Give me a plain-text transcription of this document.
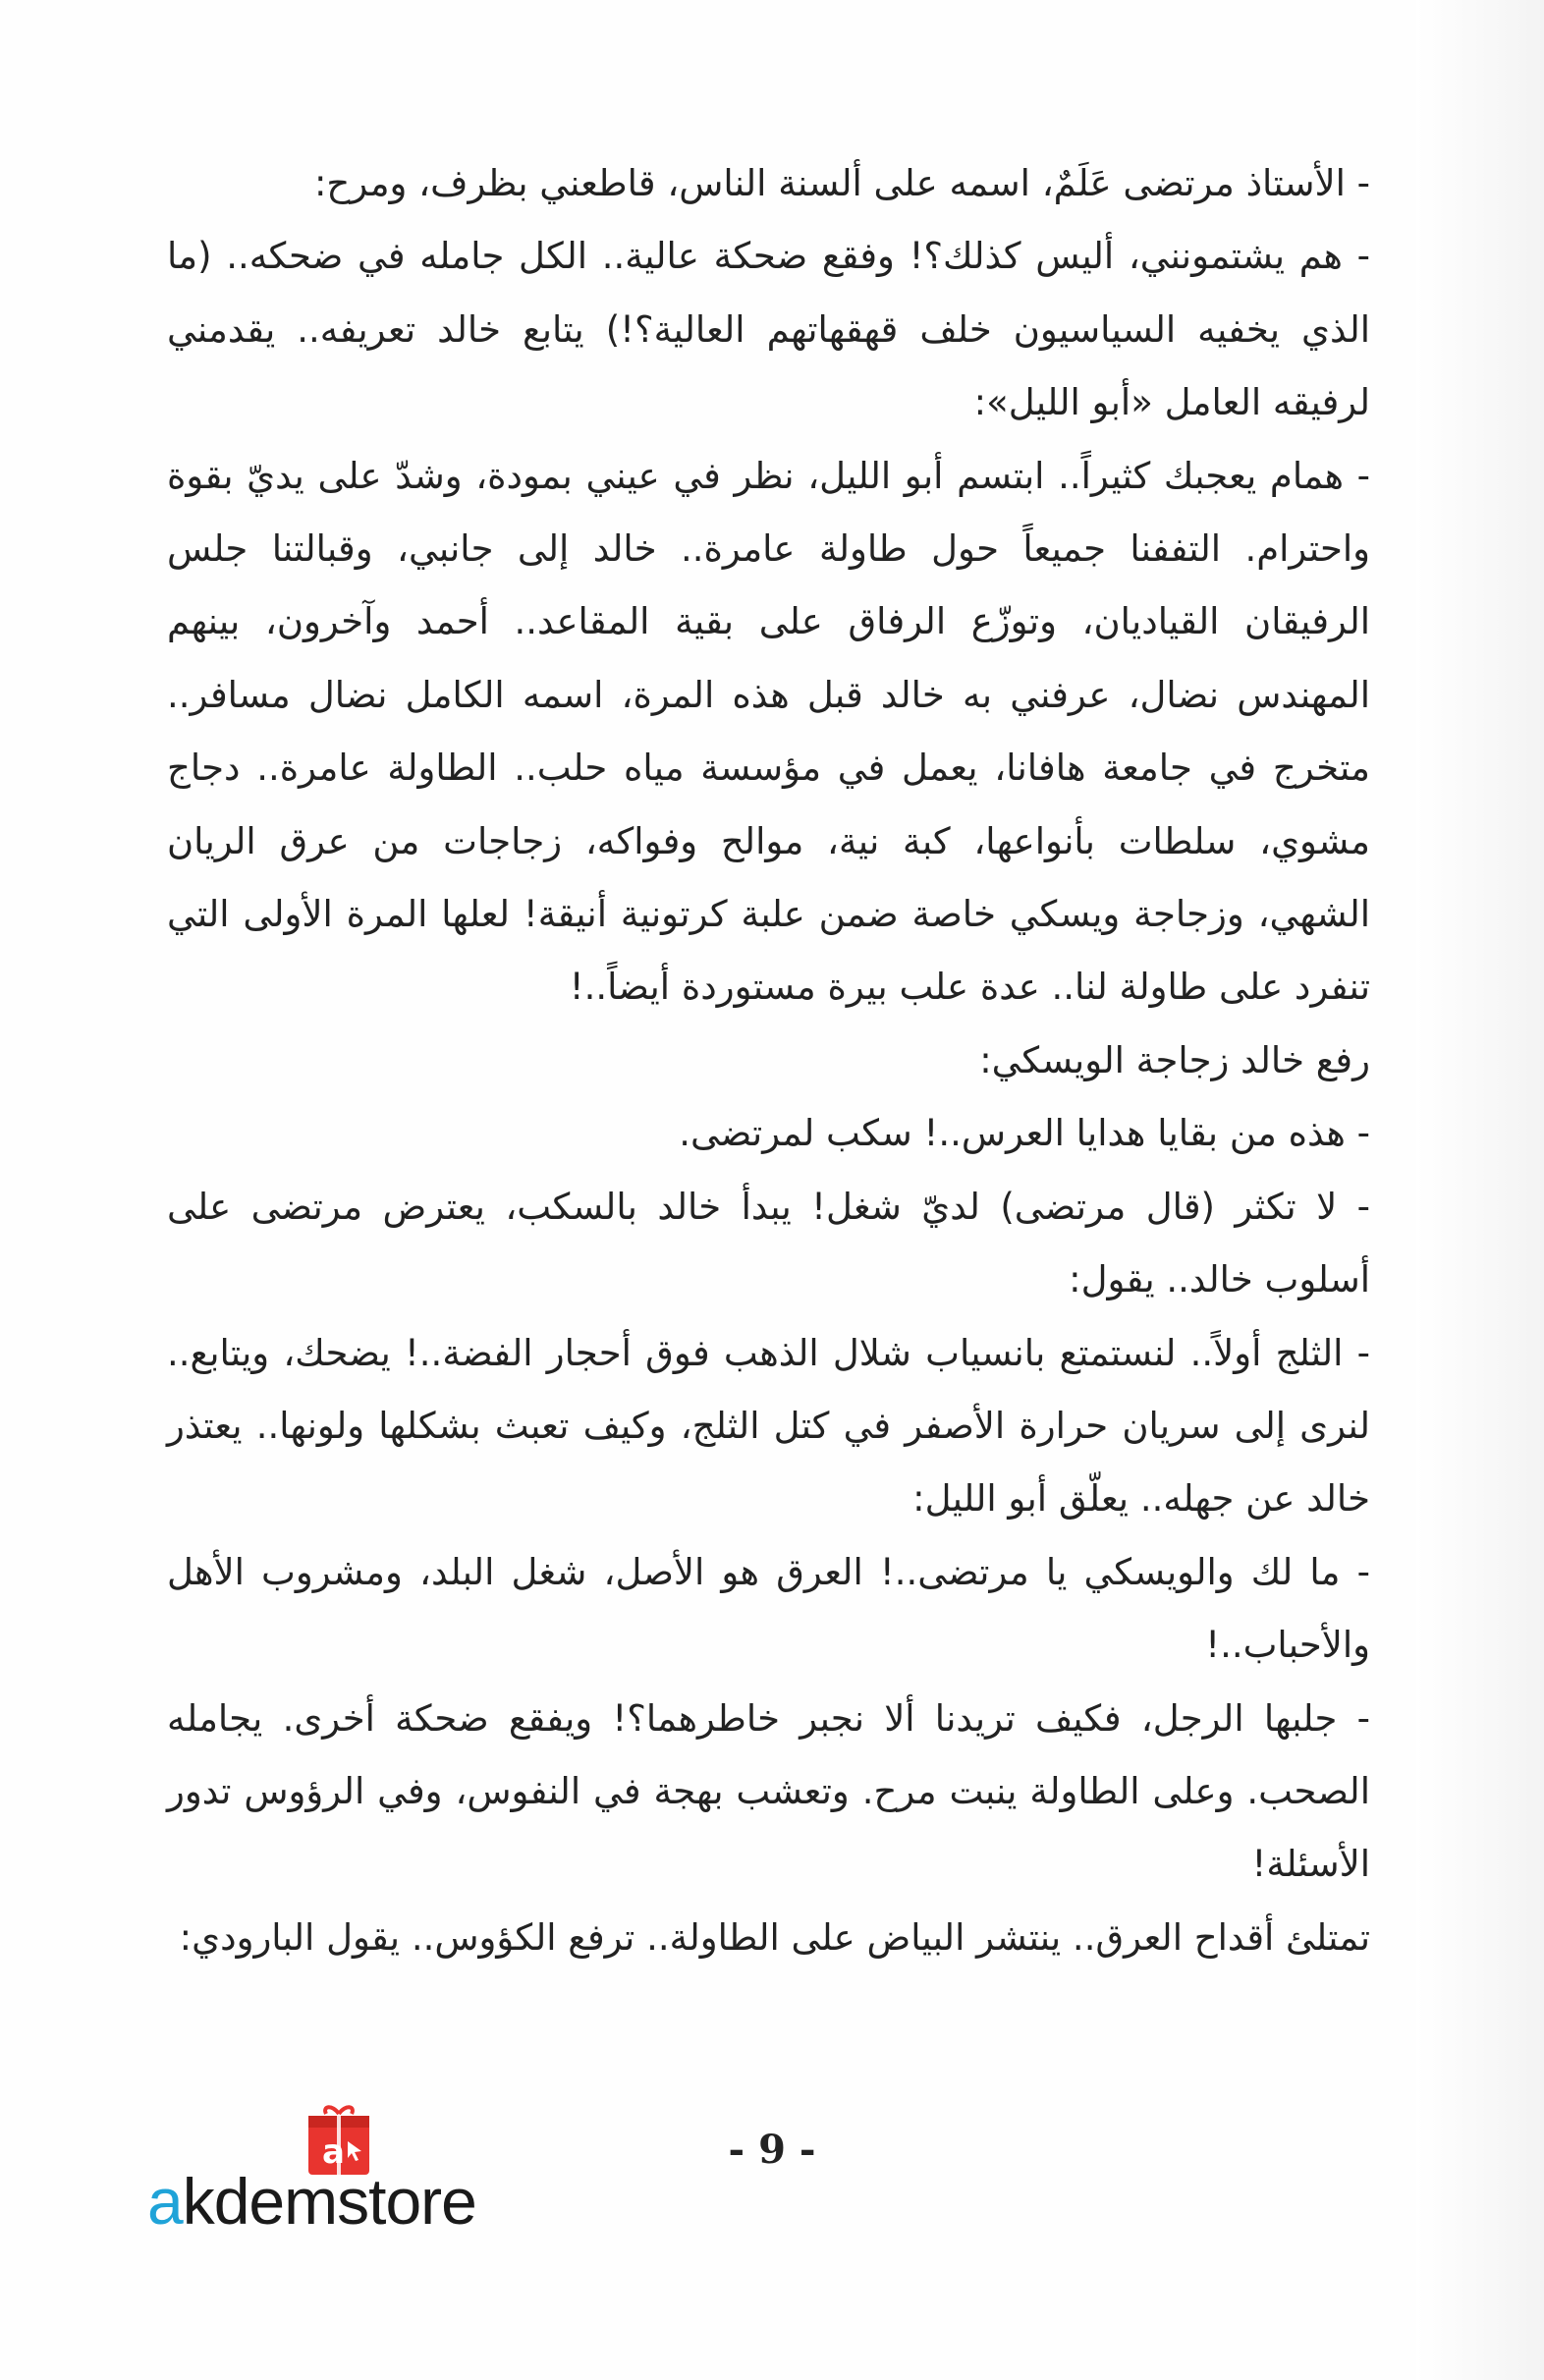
- الأستاذ مرتضى عَلَمٌ، اسمه على ألسنة الناس، قاطعني بظرف، ومرح:

- هم يشتمونني، أليس كذلك؟! وفقع ضحكة عالية.. الكل جامله في ضحكه.. (ما الذي يخفيه السياسيون خلف قهقهاتهم العالية؟!) يتابع خالد تعريفه.. يقدمني لرفيقه العامل «أبو الليل»:

- همام يعجبك كثيراً.. ابتسم أبو الليل، نظر في عيني بمودة، وشدّ على يديّ بقوة واحترام. التففنا جميعاً حول طاولة عامرة.. خالد إلى جانبي، وقبالتنا جلس الرفيقان القياديان، وتوزّع الرفاق على بقية المقاعد.. أحمد وآخرون، بينهم المهندس نضال، عرفني به خالد قبل هذه المرة، اسمه الكامل نضال مسافر.. متخرج في جامعة هافانا، يعمل في مؤسسة مياه حلب.. الطاولة عامرة.. دجاج مشوي، سلطات بأنواعها، كبة نية، موالح وفواكه، زجاجات من عرق الريان الشهي، وزجاجة ويسكي خاصة ضمن علبة كرتونية أنيقة! لعلها المرة الأولى التي تنفرد على طاولة لنا.. عدة علب بيرة مستوردة أيضاً..!

رفع خالد زجاجة الويسكي:

- هذه من بقايا هدايا العرس..! سكب لمرتضى.

- لا تكثر (قال مرتضى) لديّ شغل! يبدأ خالد بالسكب، يعترض مرتضى على أسلوب خالد.. يقول:

- الثلج أولاً.. لنستمتع بانسياب شلال الذهب فوق أحجار الفضة..! يضحك، ويتابع.. لنرى إلى سريان حرارة الأصفر في كتل الثلج، وكيف تعبث بشكلها ولونها.. يعتذر خالد عن جهله.. يعلّق أبو الليل:

- ما لك والويسكي يا مرتضى..! العرق هو الأصل، شغل البلد، ومشروب الأهل والأحباب..!

- جلبها الرجل، فكيف تريدنا ألا نجبر خاطرهما؟! ويفقع ضحكة أخرى. يجامله الصحب. وعلى الطاولة ينبت مرح. وتعشب بهجة في النفوس، وفي الرؤوس تدور الأسئلة!

تمتلئ أقداح العرق.. ينتشر البياض على الطاولة.. ترفع الكؤوس.. يقول البارودي:

- 9 -
a
akdemstore
